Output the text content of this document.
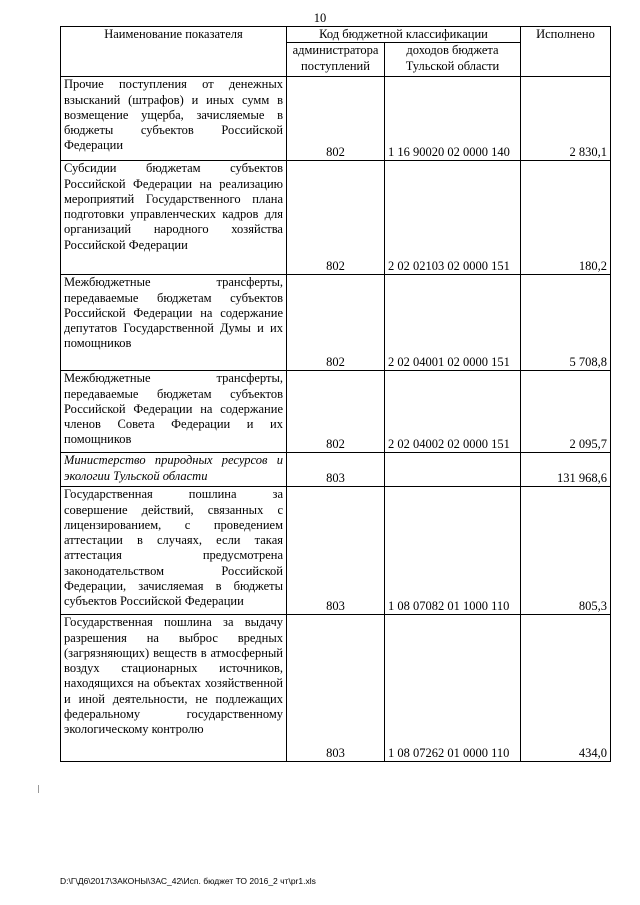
10
Наименование показателя	Код бюджетной классификации		Исполнено
	администратора поступлений	доходов бюджета Тульской области	
Прочие поступления от денежных взысканий (штрафов) и иных сумм в возмещение ущерба, зачисляемые в бюджеты субъектов Российской Федерации	802	1 16 90020 02 0000 140	2 830,1
Субсидии бюджетам субъектов Российской Федерации на реализацию мероприятий Государственного плана подготовки управленческих кадров для организаций народного хозяйства Российской Федерации	802	2 02 02103 02 0000 151	180,2
Межбюджетные трансферты, передаваемые бюджетам субъектов Российской Федерации на содержание депутатов Государственной Думы и их помощников	802	2 02 04001 02 0000 151	5 708,8
Межбюджетные трансферты, передаваемые бюджетам субъектов Российской Федерации на содержание членов Совета Федерации и их помощников	802	2 02 04002 02 0000 151	2 095,7
Министерство природных ресурсов и экологии Тульской области	803		131 968,6
Государственная пошлина за совершение действий, связанных с лицензированием, с проведением аттестации в случаях, если такая аттестация предусмотрена законодательством Российской Федерации, зачисляемая в бюджеты субъектов Российской Федерации	803	1 08 07082 01 1000 110	805,3
Государственная пошлина за выдачу разрешения на выброс вредных (загрязняющих) веществ в атмосферный воздух стационарных источников, находящихся на объектах хозяйственной и иной деятельности, не подлежащих федеральному государственному экологическому контролю	803	1 08 07262 01 0000 110	434,0
D:\Г\Д6\2017\ЗАКОНЫ\ЗАС_42\Исп. бюджет ТО 2016_2 чт\pr1.xls
